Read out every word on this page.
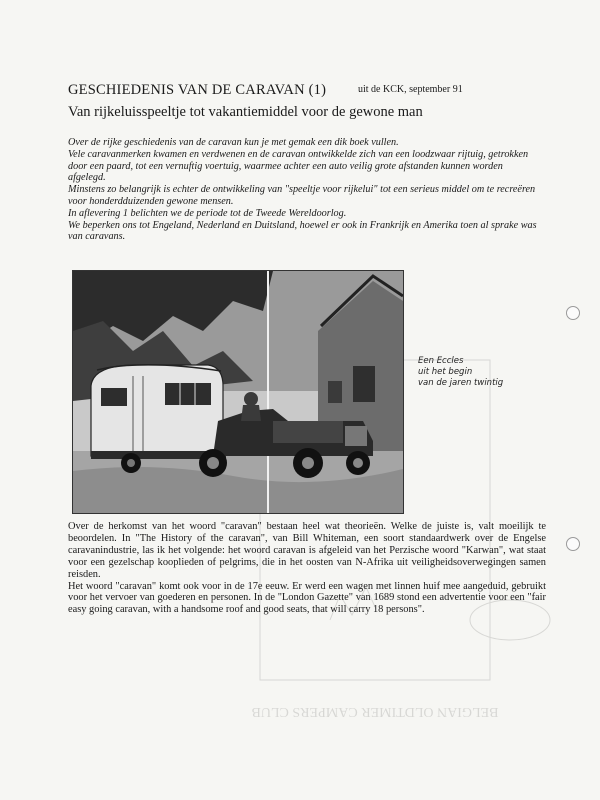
BELGIAN OLDTIMER CAMPERS CLUB
GESCHIEDENIS VAN DE CARAVAN (1)	uit de KCK, september 91
Van rijkeluisspeeltje tot vakantiemiddel voor de gewone man

Over de rijke geschiedenis van de caravan kun je met gemak een dik boek vullen.

Vele caravanmerken kwamen en verdwenen en de caravan ontwikkelde zich van een loodzwaar rijtuig, getrokken door een paard, tot een vernuftig voertuig, waarmee achter een auto veilig grote afstanden kunnen worden afgelegd.

Minstens zo belangrijk is echter de ontwikkeling van "speeltje voor rijkelui" tot een serieus middel om te recreëren voor honderdduizenden gewone mensen.

In aflevering 1 belichten we de periode tot de Tweede Wereldoorlog.

We beperken ons tot Engeland, Nederland en Duitsland, hoewel er ook in Frankrijk en Amerika toen al sprake was van caravans.

Een Eccles
uit het begin
van de jaren twintig

Over de herkomst van het woord "caravan" bestaan heel wat theorieën. Welke de juiste is, valt moeilijk te beoordelen. In "The History of the caravan", van Bill Whiteman, een soort standaardwerk over de Engelse caravanindustrie, las ik het volgende: het woord caravan is afgeleid van het Perzische woord "Karwan", wat staat voor een gezelschap kooplieden of pelgrims, die in het oosten van N-Afrika uit veiligheidsoverwegingen samen reisden.

Het woord "caravan" komt ook voor in de 17e eeuw. Er werd een wagen met linnen huif mee aangeduid, gebruikt voor het vervoer van goederen en personen. In de "London Gazette" van 1689 stond een advertentie voor een "fair easy going caravan, with a handsome roof and good seats, that will carry 18 persons".
